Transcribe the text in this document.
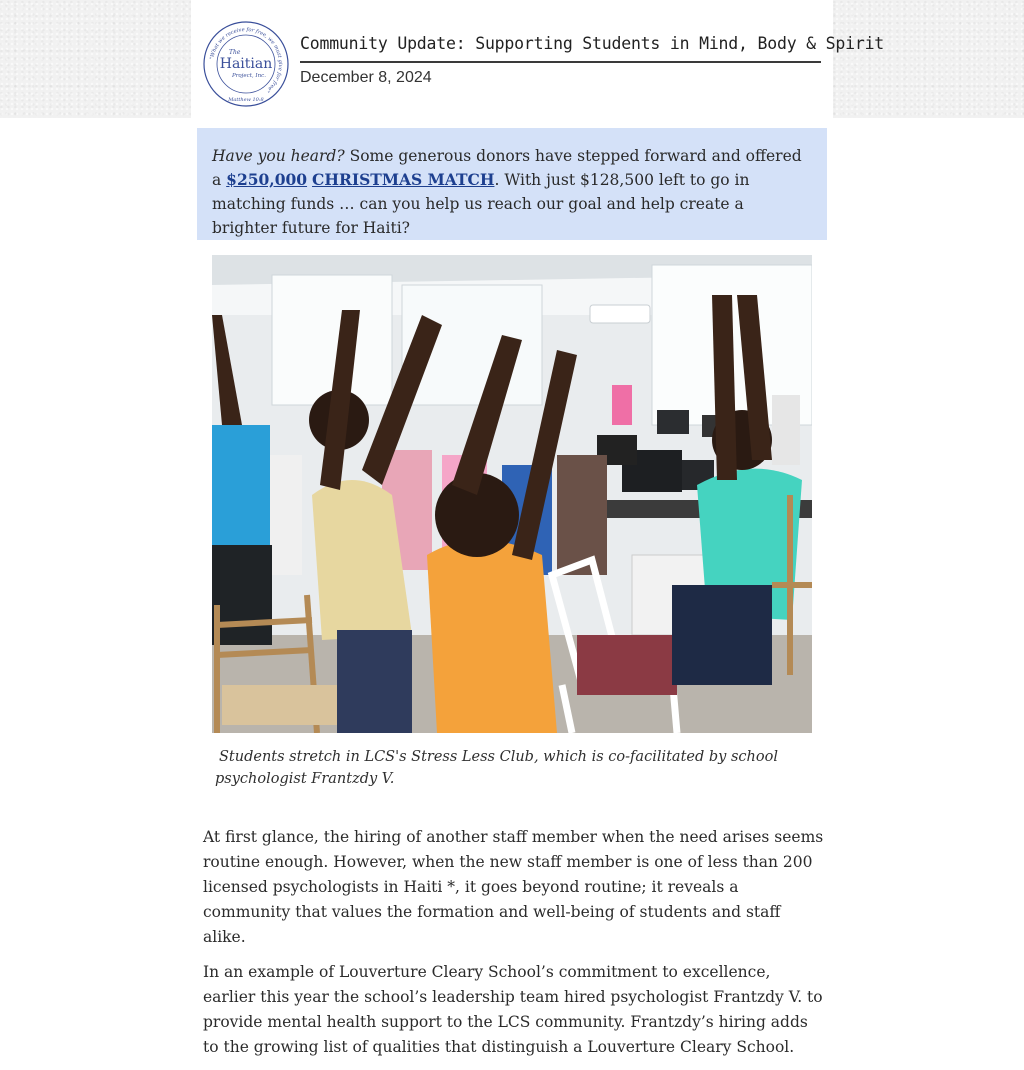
"What we receive for free, we must give for free"
The
Haitian
Project, Inc.
Matthew 10:8
Community Update: Supporting Students in Mind, Body & Spirit
December 8, 2024
Have you heard? Some generous donors have stepped forward and offered a $250,000 CHRISTMAS MATCH. With just $128,500 left to go in matching funds … can you help us reach our goal and help create a brighter future for Haiti?
Students stretch in LCS's Stress Less Club, which is co-facilitated by school psychologist Frantzdy V.

At first glance, the hiring of another staff member when the need arises seems routine enough. However, when the new staff member is one of less than 200 licensed psychologists in Haiti *, it goes beyond routine; it reveals a community that values the formation and well-being of students and staff alike.

In an example of Louverture Cleary School’s commitment to excellence, earlier this year the school’s leadership team hired psychologist Frantzdy V. to provide mental health support to the LCS community. Frantzdy’s hiring adds to the growing list of qualities that distinguish a Louverture Cleary School.
